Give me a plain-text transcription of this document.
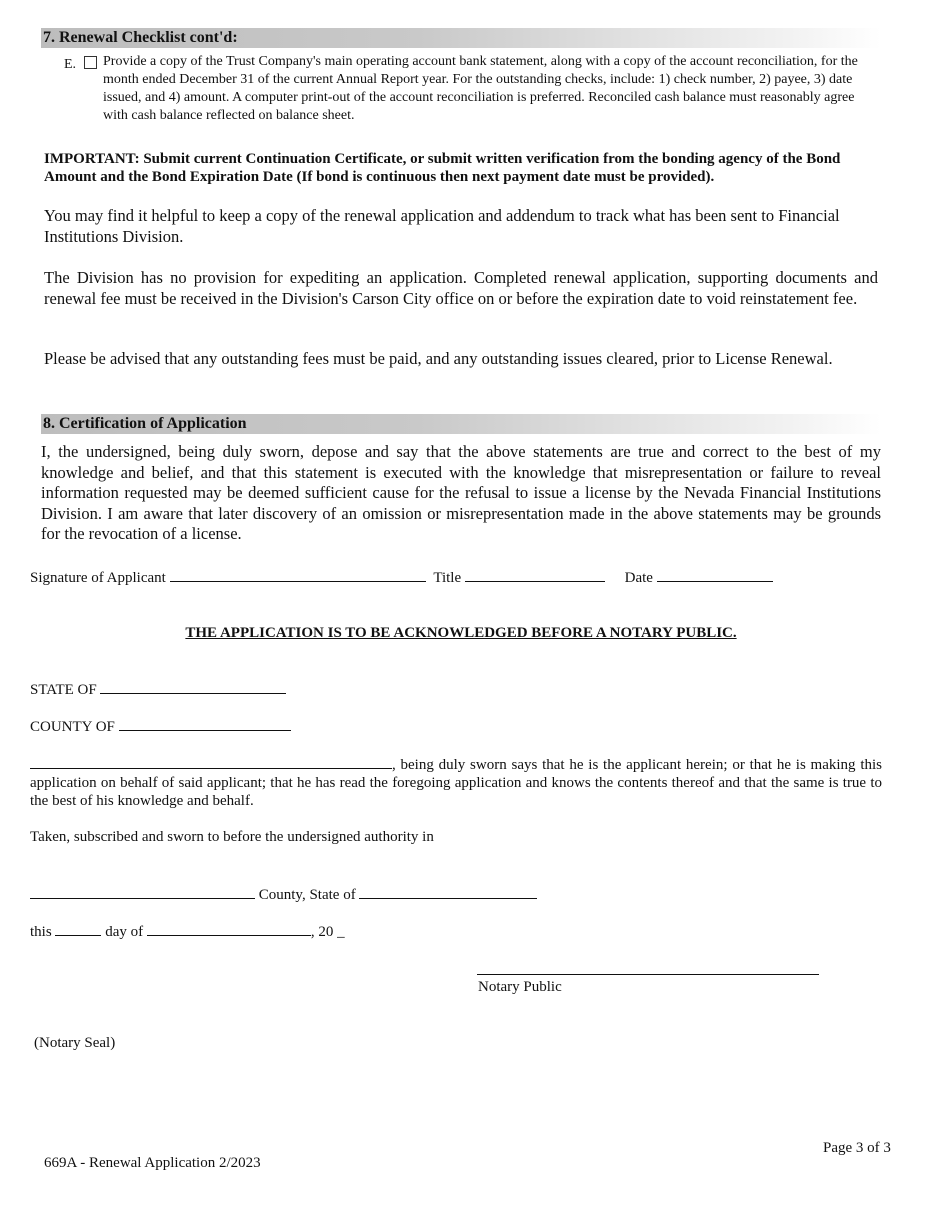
7. Renewal Checklist cont'd:
E. Provide a copy of the Trust Company's main operating account bank statement, along with a copy of the account reconciliation, for the month ended December 31 of the current Annual Report year. For the outstanding checks, include: 1) check number, 2) payee, 3) date issued, and 4) amount. A computer print-out of the account reconciliation is preferred. Reconciled cash balance must reasonably agree with cash balance reflected on balance sheet.
IMPORTANT: Submit current Continuation Certificate, or submit written verification from the bonding agency of the Bond Amount and the Bond Expiration Date (If bond is continuous then next payment date must be provided).
You may find it helpful to keep a copy of the renewal application and addendum to track what has been sent to Financial Institutions Division.
The Division has no provision for expediting an application. Completed renewal application, supporting documents and renewal fee must be received in the Division's Carson City office on or before the expiration date to void reinstatement fee.
Please be advised that any outstanding fees must be paid, and any outstanding issues cleared, prior to License Renewal.
8. Certification of Application
I, the undersigned, being duly sworn, depose and say that the above statements are true and correct to the best of my knowledge and belief, and that this statement is executed with the knowledge that misrepresentation or failure to reveal information requested may be deemed sufficient cause for the refusal to issue a license by the Nevada Financial Institutions Division. I am aware that later discovery of an omission or misrepresentation made in the above statements may be grounds for the revocation of a license.
Signature of Applicant	Title	Date
THE APPLICATION IS TO BE ACKNOWLEDGED BEFORE A NOTARY PUBLIC.
STATE OF
COUNTY OF
, being duly sworn says that he is the applicant herein; or that he is making this application on behalf of said applicant; that he has read the foregoing application and knows the contents thereof and that the same is true to the best of his knowledge and behalf.
Taken, subscribed and sworn to before the undersigned authority in
County, State of
this	day of	, 20 _
Notary Public
(Notary Seal)
Page 3 of 3
669A - Renewal Application 2/2023
